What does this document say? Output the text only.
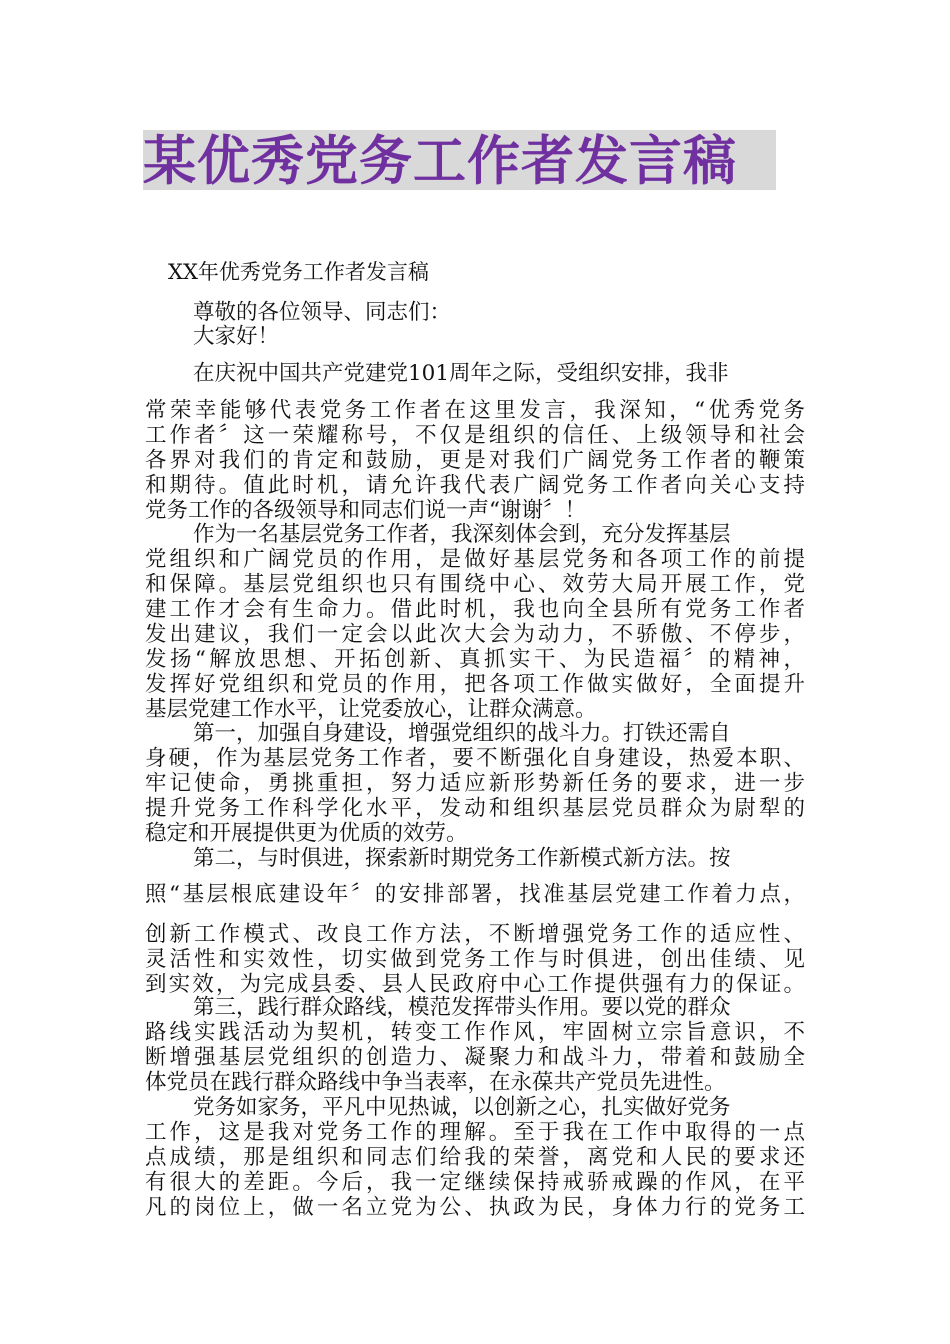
某优秀党务工作者发言稿
XX年优秀党务工作者发言稿
尊敬的各位领导、同志们：
大家好！
在庆祝中国共产党建党101周年之际，受组织安排，我非
常荣幸能够代表党务工作者在这里发言，我深知，“优秀党务
工作者〞这一荣耀称号，不仅是组织的信任、上级领导和社会
各界对我们的肯定和鼓励，更是对我们广阔党务工作者的鞭策
和期待。值此时机，请允许我代表广阔党务工作者向关心支持
党务工作的各级领导和同志们说一声“谢谢〞！
作为一名基层党务工作者，我深刻体会到，充分发挥基层
党组织和广阔党员的作用，是做好基层党务和各项工作的前提
和保障。基层党组织也只有围绕中心、效劳大局开展工作，党
建工作才会有生命力。借此时机，我也向全县所有党务工作者
发出建议，我们一定会以此次大会为动力，不骄傲、不停步，
发扬“解放思想、开拓创新、真抓实干、为民造福〞的精神，
发挥好党组织和党员的作用，把各项工作做实做好，全面提升
基层党建工作水平，让党委放心，让群众满意。
第一，加强自身建设，增强党组织的战斗力。打铁还需自
身硬，作为基层党务工作者，要不断强化自身建设，热爱本职、
牢记使命，勇挑重担，努力适应新形势新任务的要求，进一步
提升党务工作科学化水平，发动和组织基层党员群众为尉犁的
稳定和开展提供更为优质的效劳。
第二，与时俱进，探索新时期党务工作新模式新方法。按
照“基层根底建设年〞的安排部署，找准基层党建工作着力点，
创新工作模式、改良工作方法，不断增强党务工作的适应性、
灵活性和实效性，切实做到党务工作与时俱进，创出佳绩、见
到实效，为完成县委、县人民政府中心工作提供强有力的保证。
第三，践行群众路线，模范发挥带头作用。要以党的群众
路线实践活动为契机，转变工作作风，牢固树立宗旨意识，不
断增强基层党组织的创造力、凝聚力和战斗力，带着和鼓励全
体党员在践行群众路线中争当表率，在永葆共产党员先进性。
党务如家务，平凡中见热诚，以创新之心，扎实做好党务
工作，这是我对党务工作的理解。至于我在工作中取得的一点
点成绩，那是组织和同志们给我的荣誉，离党和人民的要求还
有很大的差距。今后，我一定继续保持戒骄戒躁的作风，在平
凡的岗位上，做一名立党为公、执政为民，身体力行的党务工
